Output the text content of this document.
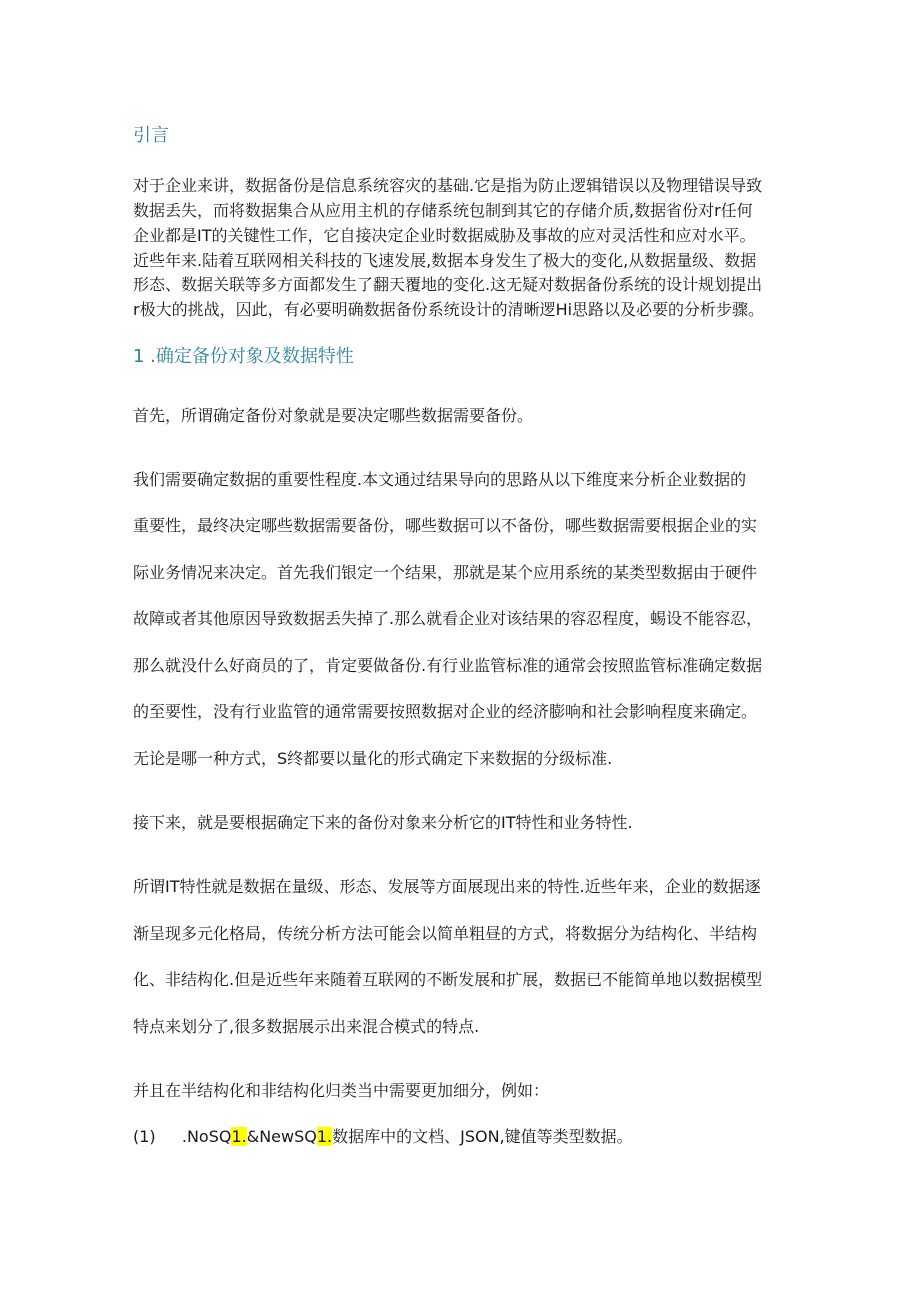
引言

对于企业来讲，数据备份是信息系统容灾的基础.它是指为防止逻辑错误以及物理错误导致

数据丢失，而将数据集合从应用主机的存储系统包制到其它的存储介质,数据省份对r任何

企业都是IT的关键性工作，它自接决定企业时数据威胁及事故的应对灵活性和应对水平。

近些年来.陆着互联网相关科技的飞速发展,数据本身发生了极大的变化,从数据量级、数据

形态、数据关联等多方面都发生了翻天覆地的变化.这无疑对数据备份系统的设计规划提出

r极大的挑战，囚此，有必要明确数据备份系统设计的清晰逻Hi思路以及必要的分析步骤。

1 .确定备份对象及数据特性

首先，所谓确定备份对象就是要决定哪些数据需要备份。

我们需要确定数据的重要性程度.本文通过结果导向的思路从以下维度来分析企业数据的

重要性，最终决定哪些数据需要备份，哪些数据可以不备份，哪些数据需要根据企业的实

际业务情况来决定。首先我们银定一个结果，那就是某个应用系统的某类型数据由于硬件

故障或者其他原因导致数据丢失掉了.那么就看企业对该结果的容忍程度，蜴设不能容忍，

那么就没什么好商员的了，肯定要做备份.有行业监管标准的通常会按照监管标准确定数据

的至要性，没有行业监管的通常需要按照数据对企业的经济膨响和社会影响程度来确定。

无论是哪一种方式，S终都要以量化的形式确定下来数据的分级标准.

接下来，就是要根据确定下来的备份对象来分析它的IT特性和业务特性.

所谓IT特性就是数据在量级、形态、发展等方面展现出来的特性.近些年来，企业的数据逐

渐呈现多元化格局，传统分析方法可能会以简单粗昼的方式，将数据分为结构化、半结构

化、非结构化.但是近些年来随着互联网的不断发展和扩展，数据已不能简单地以数据模型

特点来划分了,很多数据展示出来混合模式的特点.

并且在半结构化和非结构化归类当中需要更加细分，例如：

(1) .NoSQ1.&NewSQ1.数据库中的文档、JSON,键值等类型数据。
